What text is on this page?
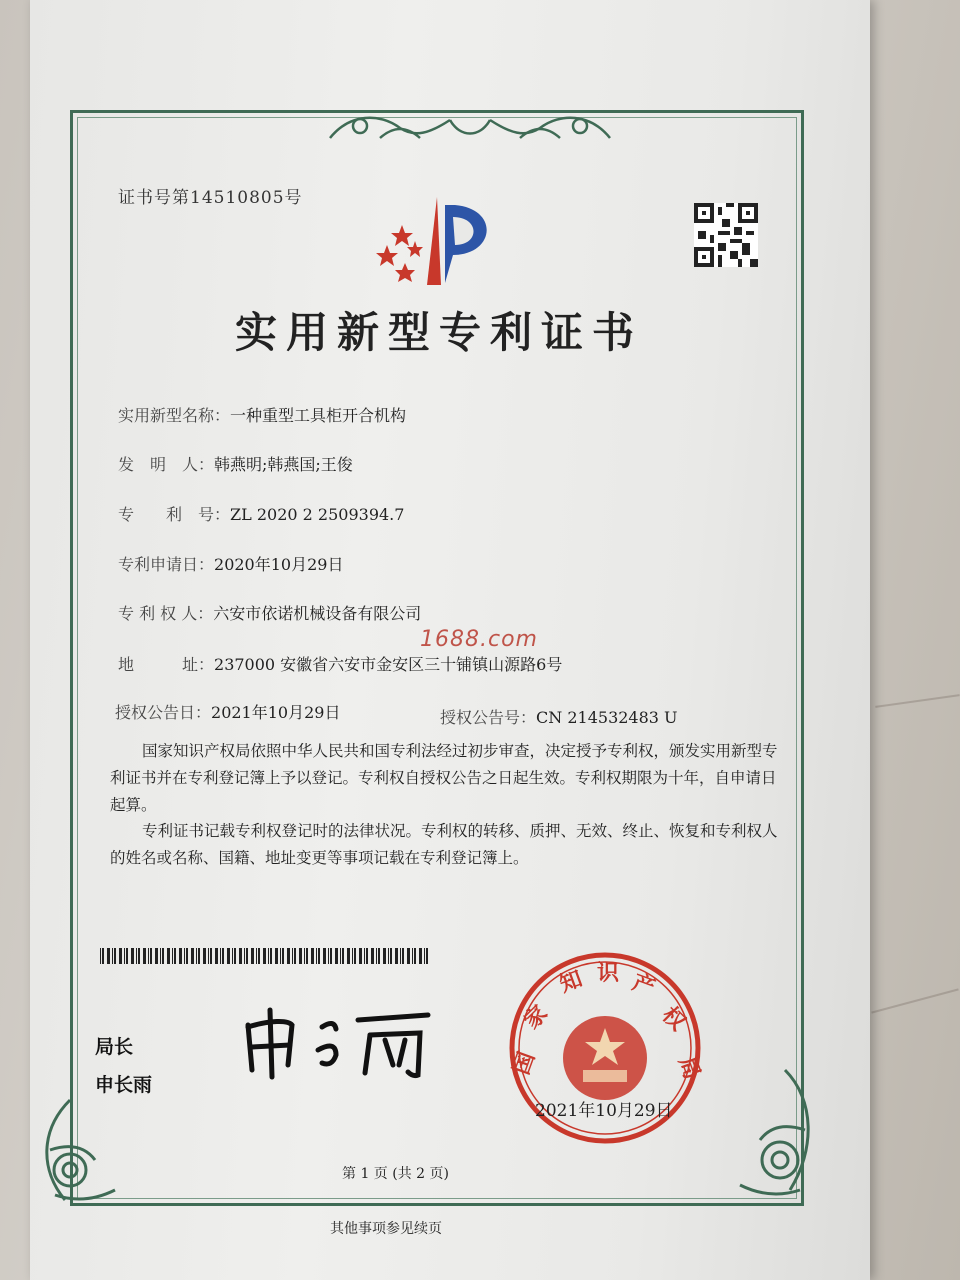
证书号第14510805号
实用新型专利证书
实用新型名称：一种重型工具柜开合机构
发　明　人：韩燕明;韩燕国;王俊
专　　利　号：ZL 2020 2 2509394.7
专利申请日：2020年10月29日
专 利 权 人：六安市依诺机械设备有限公司
地　　　址：237000 安徽省六安市金安区三十铺镇山源路6号
授权公告日：2021年10月29日	授权公告号：CN 214532483 U
1688.com
国家知识产权局依照中华人民共和国专利法经过初步审查，决定授予专利权，颁发实用新型专利证书并在专利登记簿上予以登记。专利权自授权公告之日起生效。专利权期限为十年，自申请日起算。
专利证书记载专利权登记时的法律状况。专利权的转移、质押、无效、终止、恢复和专利权人的姓名或名称、国籍、地址变更等事项记载在专利登记簿上。
局长
申长雨
国
家
知 识 产
权
局
2021年10月29日
第 1 页 (共 2 页)
其他事项参见续页
